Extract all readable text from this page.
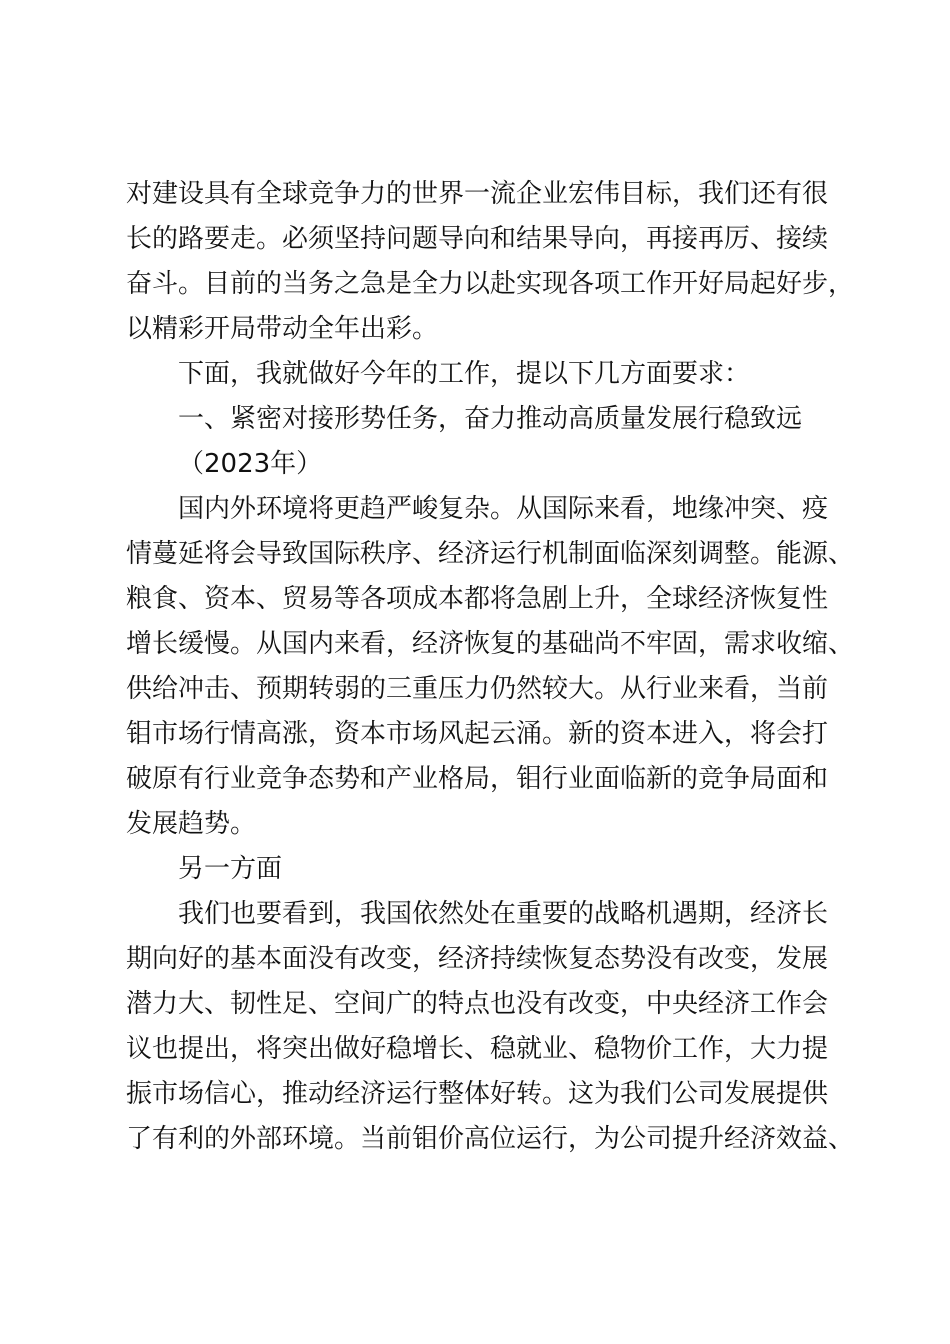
对建设具有全球竞争力的世界一流企业宏伟目标，我们还有很
长的路要走。必须坚持问题导向和结果导向，再接再厉、接续
奋斗。目前的当务之急是全力以赴实现各项工作开好局起好步，
以精彩开局带动全年出彩。
下面，我就做好今年的工作，提以下几方面要求：
一、紧密对接形势任务，奋力推动高质量发展行稳致远
（2023年）
国内外环境将更趋严峻复杂。从国际来看，地缘冲突、疫
情蔓延将会导致国际秩序、经济运行机制面临深刻调整。能源、
粮食、资本、贸易等各项成本都将急剧上升，全球经济恢复性
增长缓慢。从国内来看，经济恢复的基础尚不牢固，需求收缩、
供给冲击、预期转弱的三重压力仍然较大。从行业来看，当前
钼市场行情高涨，资本市场风起云涌。新的资本进入，将会打
破原有行业竞争态势和产业格局，钼行业面临新的竞争局面和
发展趋势。
另一方面
我们也要看到，我国依然处在重要的战略机遇期，经济长
期向好的基本面没有改变，经济持续恢复态势没有改变，发展
潜力大、韧性足、空间广的特点也没有改变，中央经济工作会
议也提出，将突出做好稳增长、稳就业、稳物价工作，大力提
振市场信心，推动经济运行整体好转。这为我们公司发展提供
了有利的外部环境。当前钼价高位运行，为公司提升经济效益、
